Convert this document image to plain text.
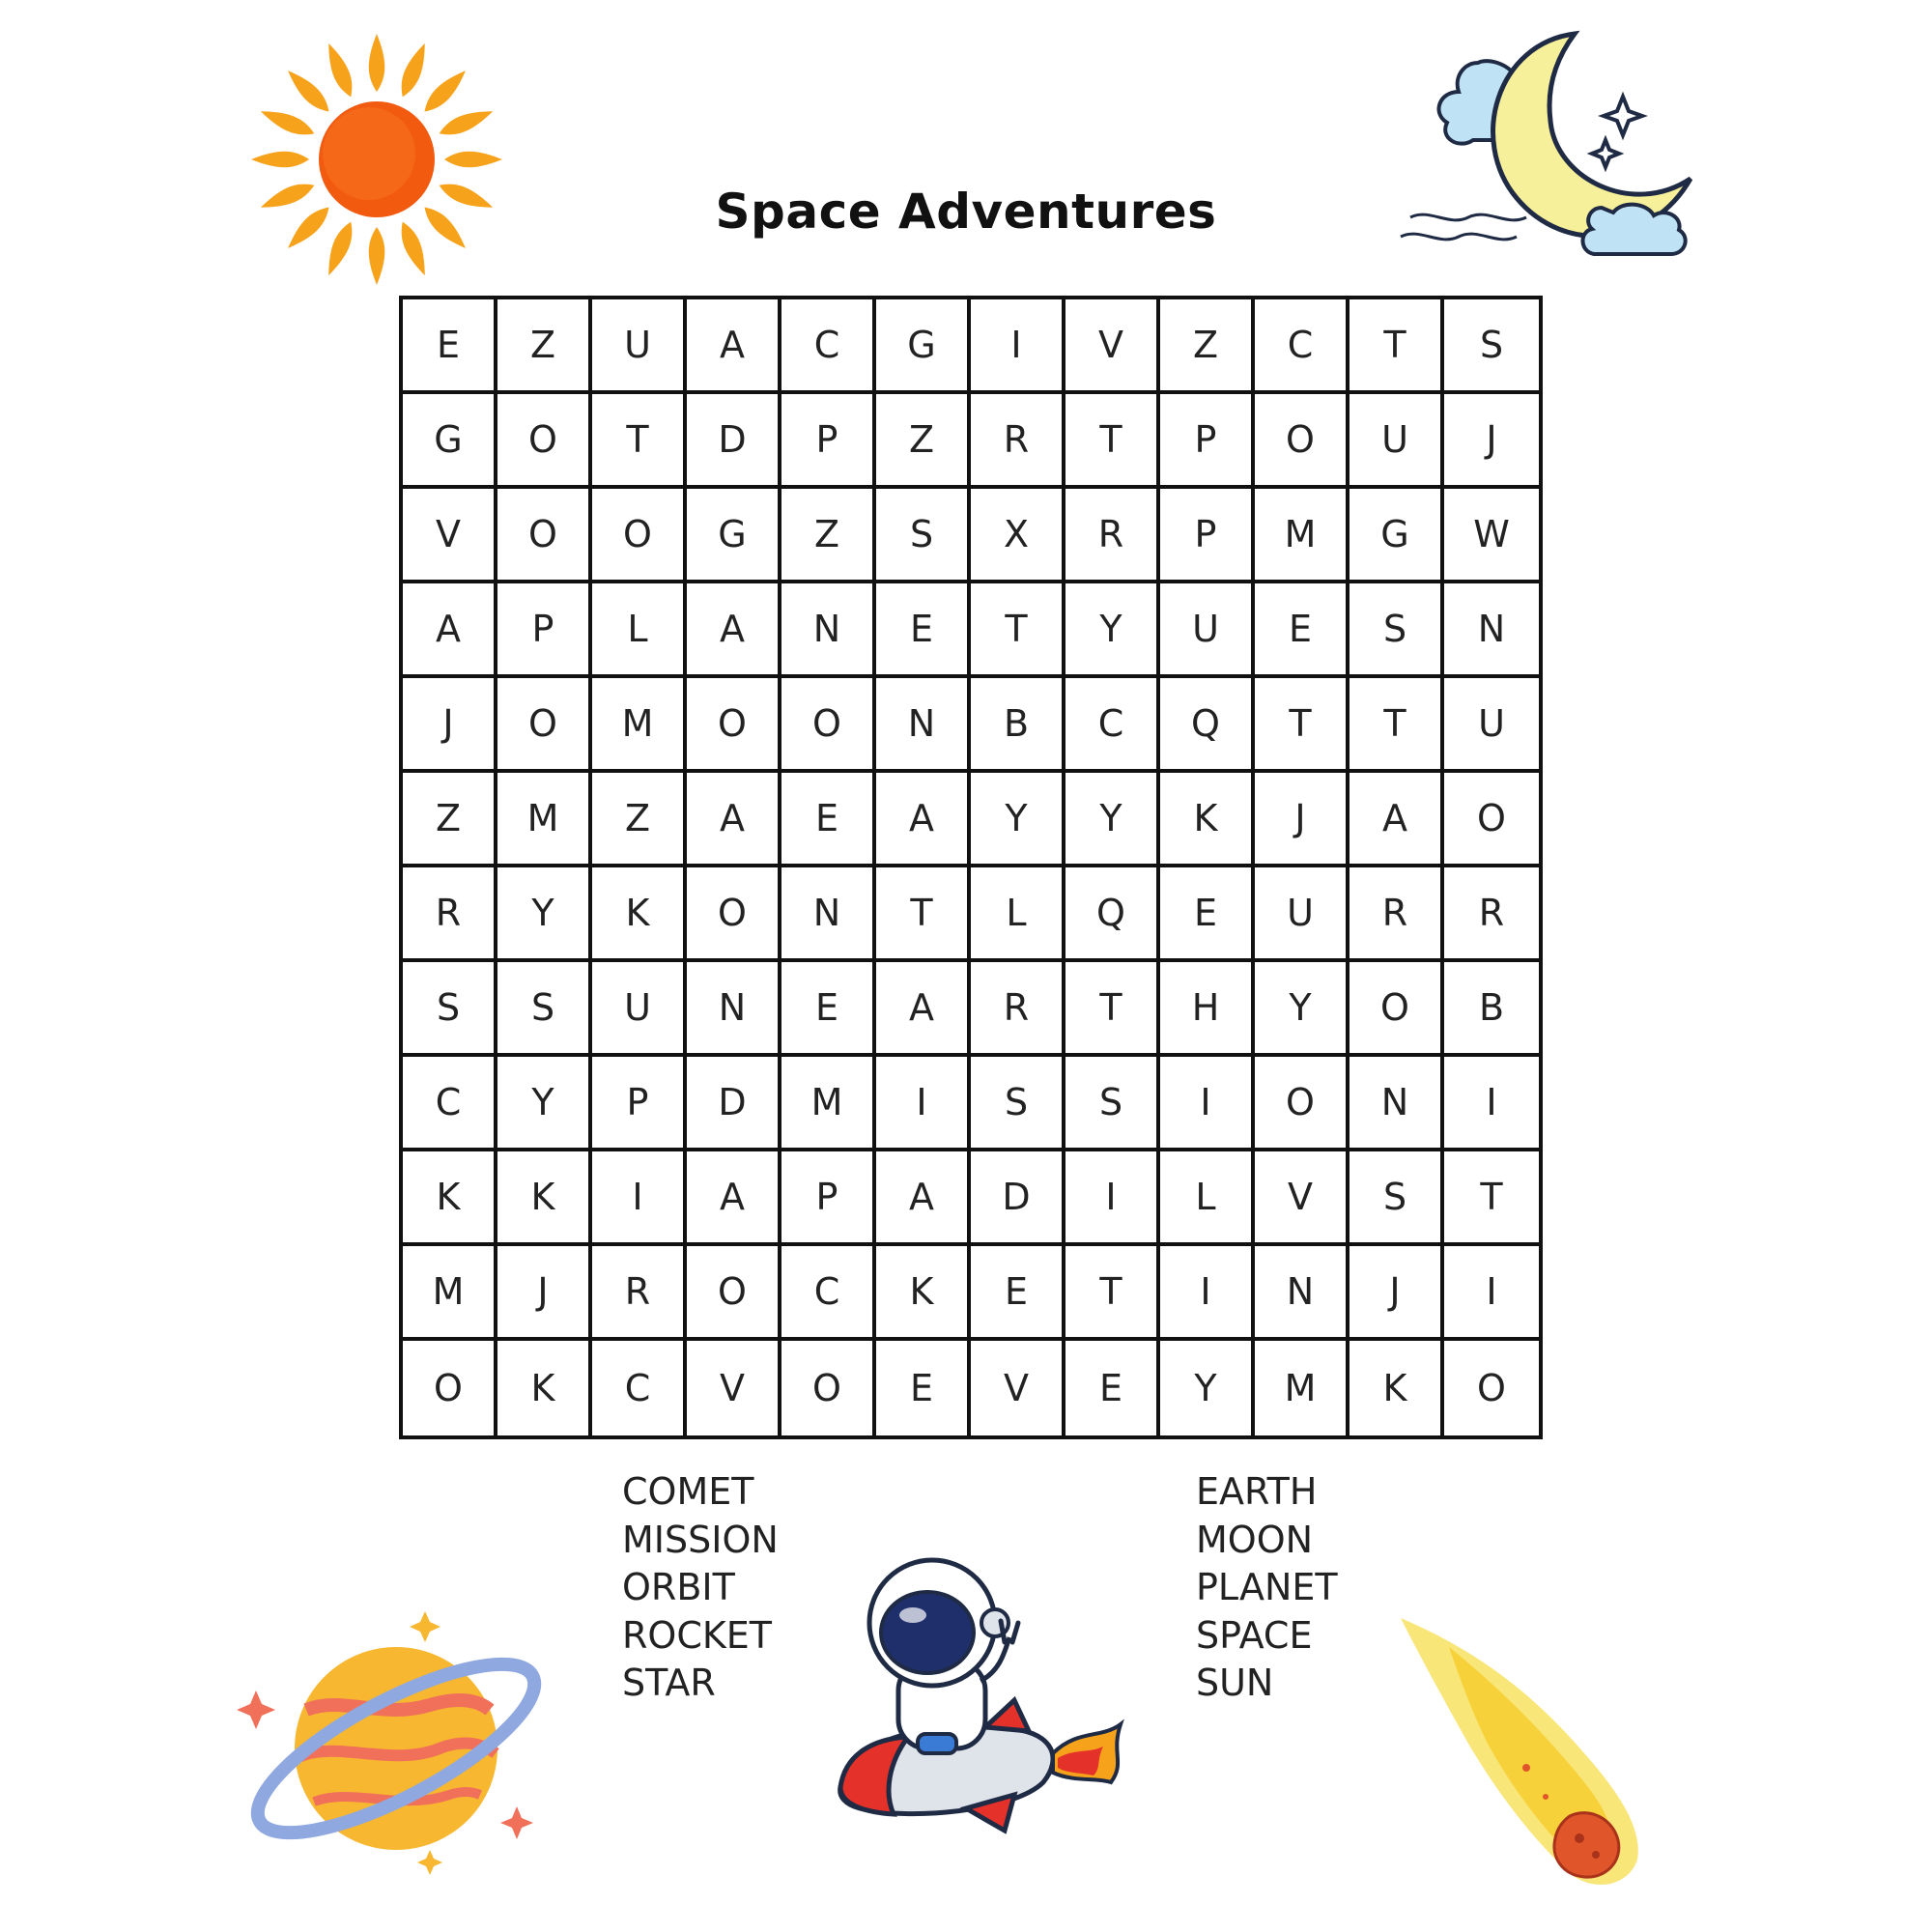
Space Adventures
E	Z	U	A	C	G	I	V	Z	C	T	S
G	O	T	D	P	Z	R	T	P	O	U	J
V	O	O	G	Z	S	X	R	P	M	G	W
A	P	L	A	N	E	T	Y	U	E	S	N
J	O	M	O	O	N	B	C	Q	T	T	U
Z	M	Z	A	E	A	Y	Y	K	J	A	O
R	Y	K	O	N	T	L	Q	E	U	R	R
S	S	U	N	E	A	R	T	H	Y	O	B
C	Y	P	D	M	I	S	S	I	O	N	I
K	K	I	A	P	A	D	I	L	V	S	T
M	J	R	O	C	K	E	T	I	N	J	I
O	K	C	V	O	E	V	E	Y	M	K	O
COMET
MISSION
ORBIT
ROCKET
STAR
EARTH
MOON
PLANET
SPACE
SUN
